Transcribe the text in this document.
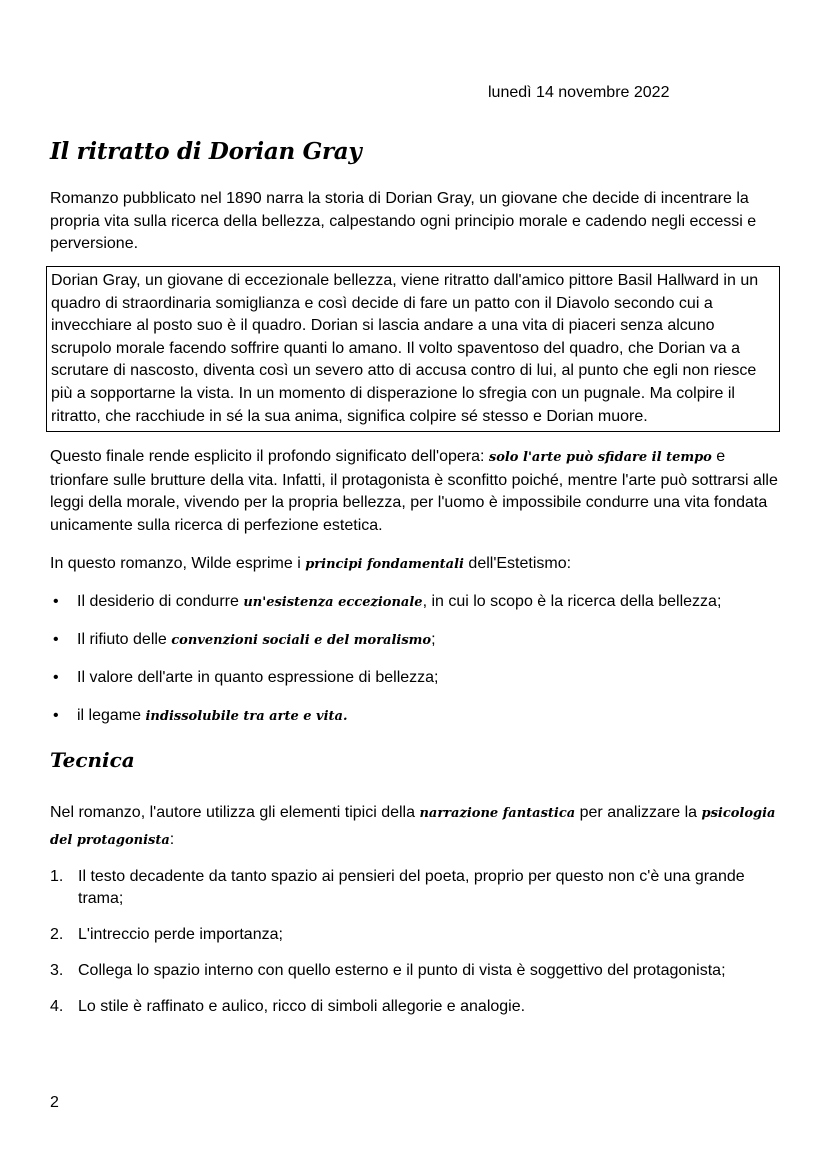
lunedì 14 novembre 2022
Il ritratto di Dorian Gray

Romanzo pubblicato nel 1890 narra la storia di Dorian Gray, un giovane che decide di incentrare la propria vita sulla ricerca della bellezza, calpestando ogni principio morale e cadendo negli eccessi e perversione.

Dorian Gray, un giovane di eccezionale bellezza, viene ritratto dall'amico pittore Basil Hallward in un quadro di straordinaria somiglianza e così decide di fare un patto con il Diavolo secondo cui a invecchiare al posto suo è il quadro. Dorian si lascia andare a una vita di piaceri senza alcuno scrupolo morale facendo soffrire quanti lo amano. Il volto spaventoso del quadro, che Dorian va a scrutare di nascosto, diventa così un severo atto di accusa contro di lui, al punto che egli non riesce più a sopportarne la vista. In un momento di disperazione lo sfregia con un pugnale. Ma colpire il ritratto, che racchiude in sé la sua anima, significa colpire sé stesso e Dorian muore.

Questo finale rende esplicito il profondo significato dell'opera: solo l'arte può sfidare il tempo e trionfare sulle brutture della vita. Infatti, il protagonista è sconfitto poiché, mentre l'arte può sottrarsi alle leggi della morale, vivendo per la propria bellezza, per l'uomo è impossibile condurre una vita fondata unicamente sulla ricerca di perfezione estetica.

In questo romanzo, Wilde esprime i principi fondamentali dell'Estetismo:

• Il desiderio di condurre un'esistenza eccezionale, in cui lo scopo è la ricerca della bellezza;
• Il rifiuto delle convenzioni sociali e del moralismo;
• Il valore dell'arte in quanto espressione di bellezza;
• il legame indissolubile tra arte e vita.
Tecnica

Nel romanzo, l'autore utilizza gli elementi tipici della narrazione fantastica per analizzare la psicologia del protagonista:

1. Il testo decadente da tanto spazio ai pensieri del poeta, proprio per questo non c'è una grande trama;
2. L'intreccio perde importanza;
3. Collega lo spazio interno con quello esterno e il punto di vista è soggettivo del protagonista;
4. Lo stile è raffinato e aulico, ricco di simboli allegorie e analogie.
2
